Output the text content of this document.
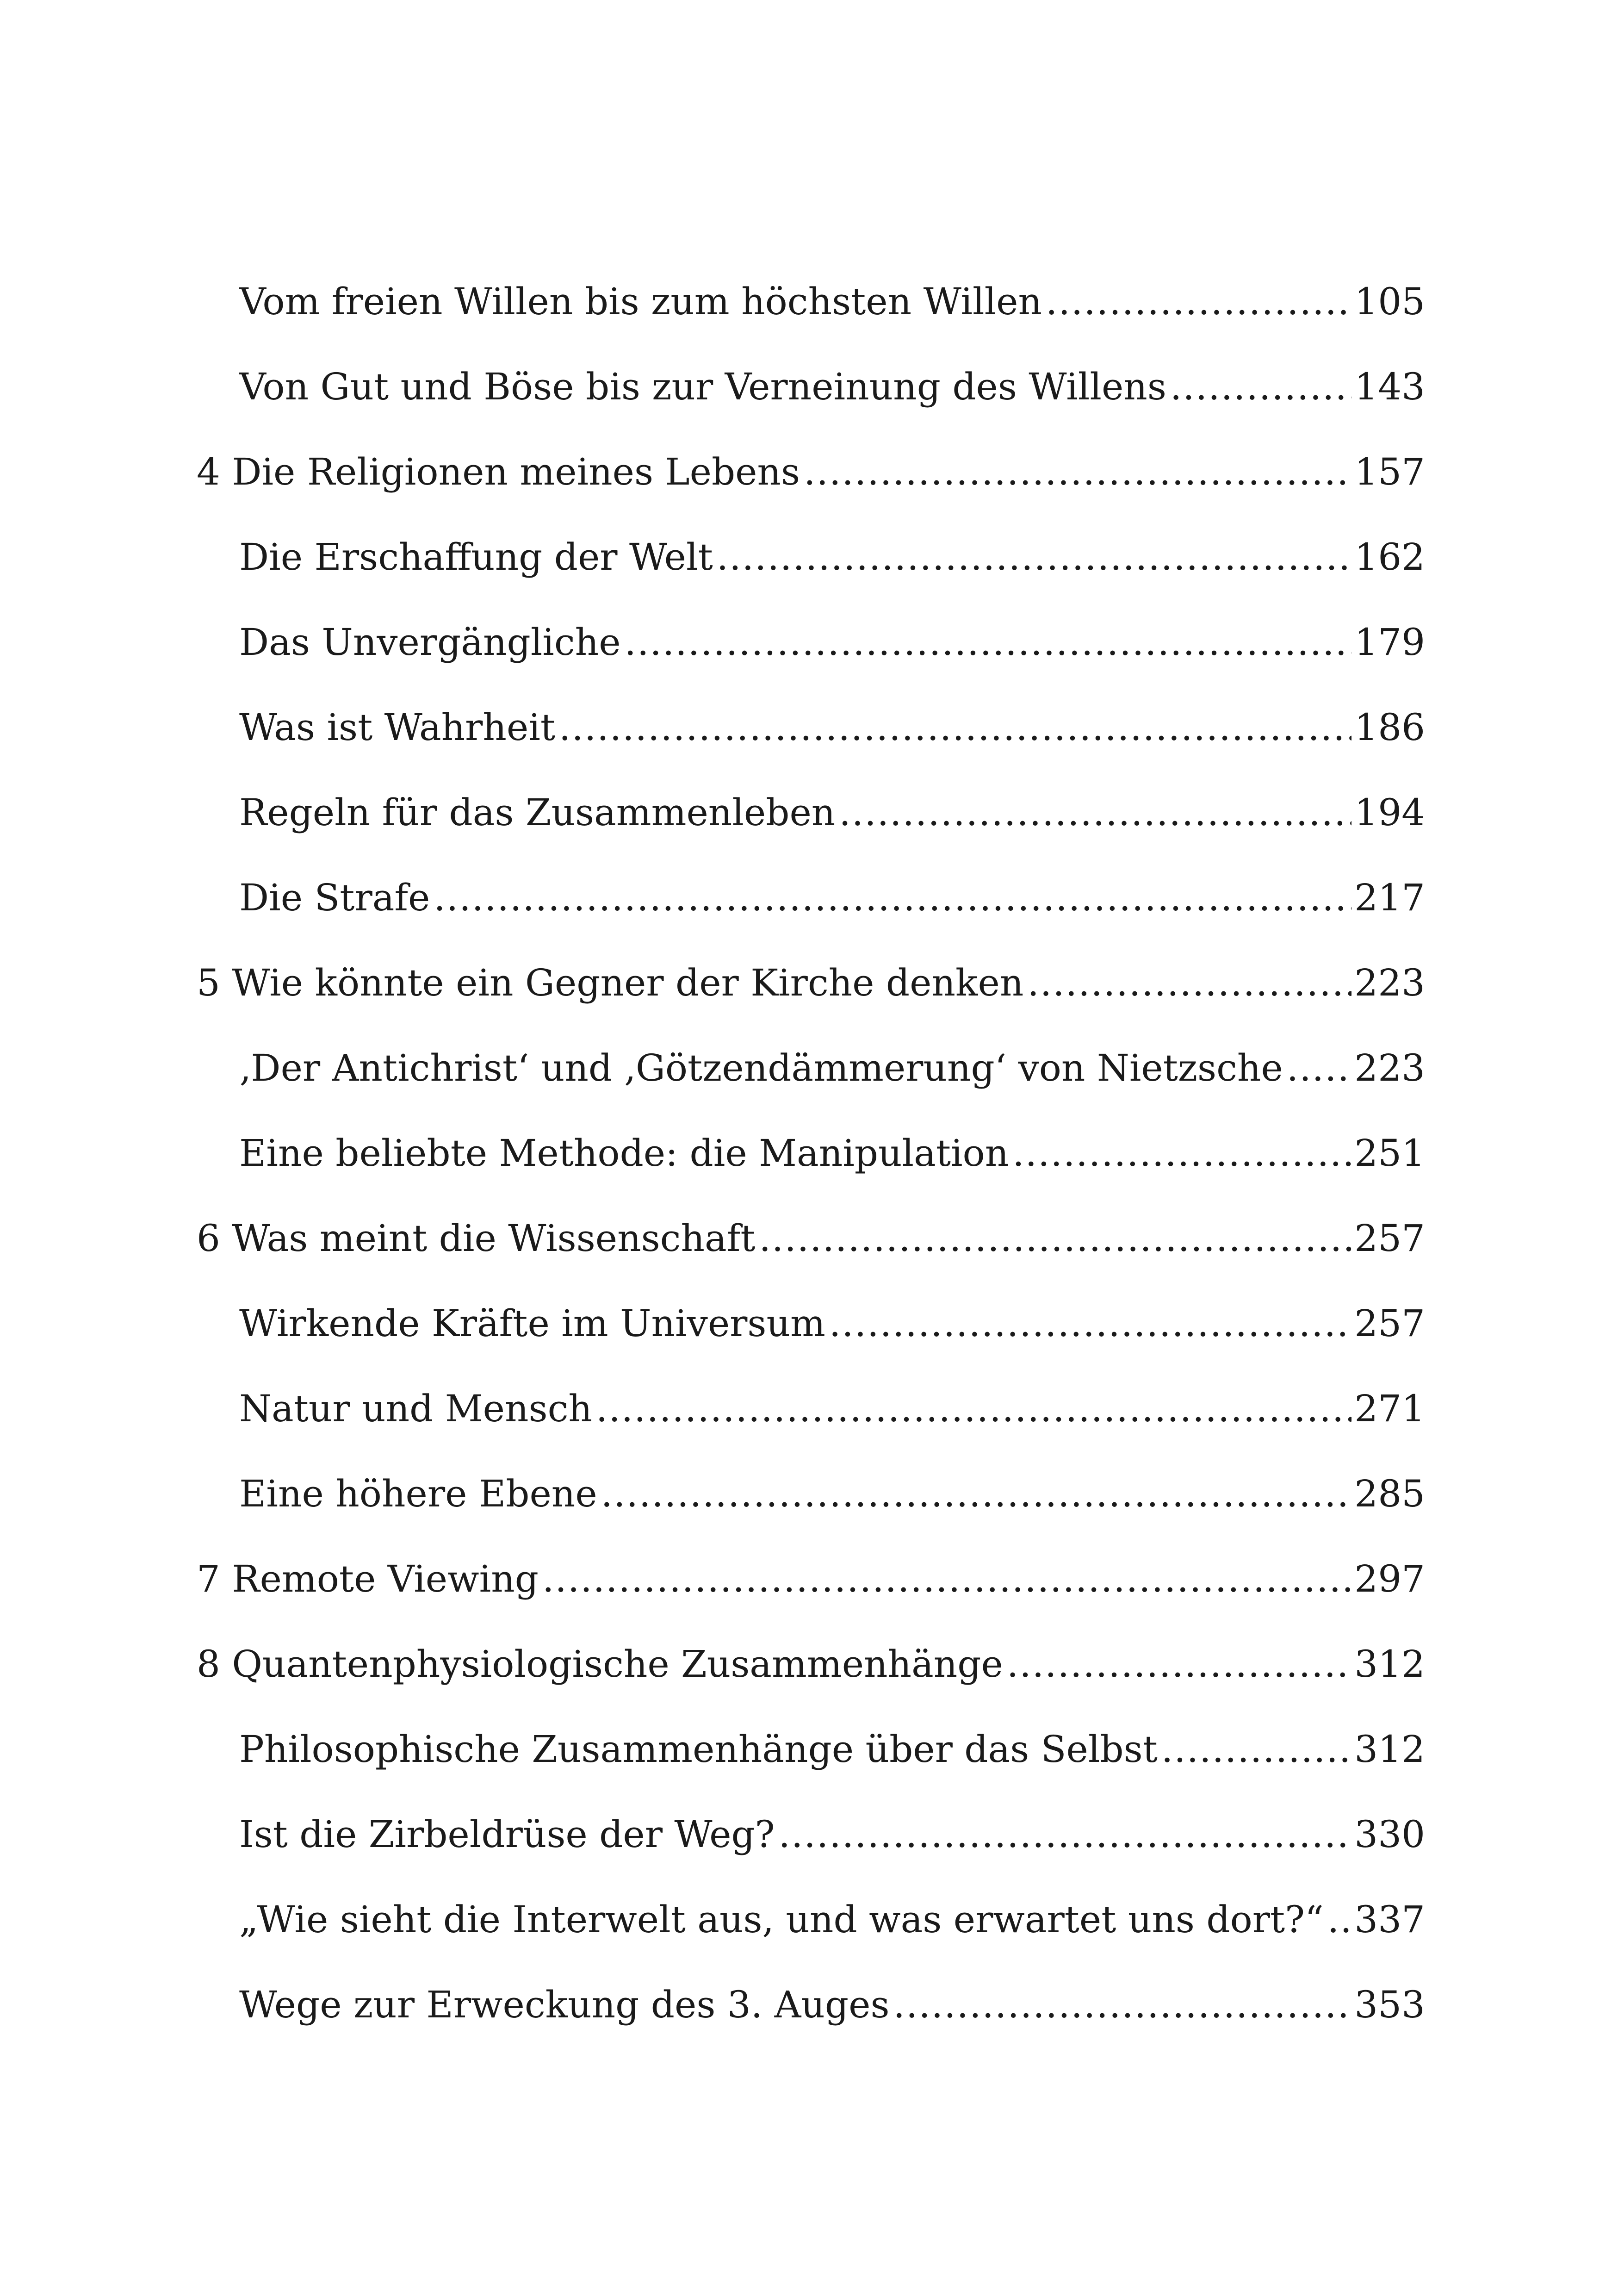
Vom freien Willen bis zum höchsten Willen .....	105
Von Gut und Böse bis zur Verneinung des Willens .....	143
4 Die Religionen meines Lebens .....	157
Die Erschaffung der Welt .....	162
Das Unvergängliche .....	179
Was ist Wahrheit .....	186
Regeln für das Zusammenleben .....	194
Die Strafe .....	217
5 Wie könnte ein Gegner der Kirche denken .....	223
‚Der Antichrist‘ und ‚Götzendämmerung‘ von Nietzsche ..... 223
Eine beliebte Methode: die Manipulation .....	251
6 Was meint die Wissenschaft .....	257
Wirkende Kräfte im Universum .....	257
Natur und Mensch .....	271
Eine höhere Ebene .....	285
7 Remote Viewing .....	297
8 Quantenphysiologische Zusammenhänge .....	312
Philosophische Zusammenhänge über das Selbst .....	312
Ist die Zirbeldrüse der Weg? .....	330
„Wie sieht die Interwelt aus, und was erwartet uns dort?“ ..... 337
Wege zur Erweckung des 3. Auges .....	353
